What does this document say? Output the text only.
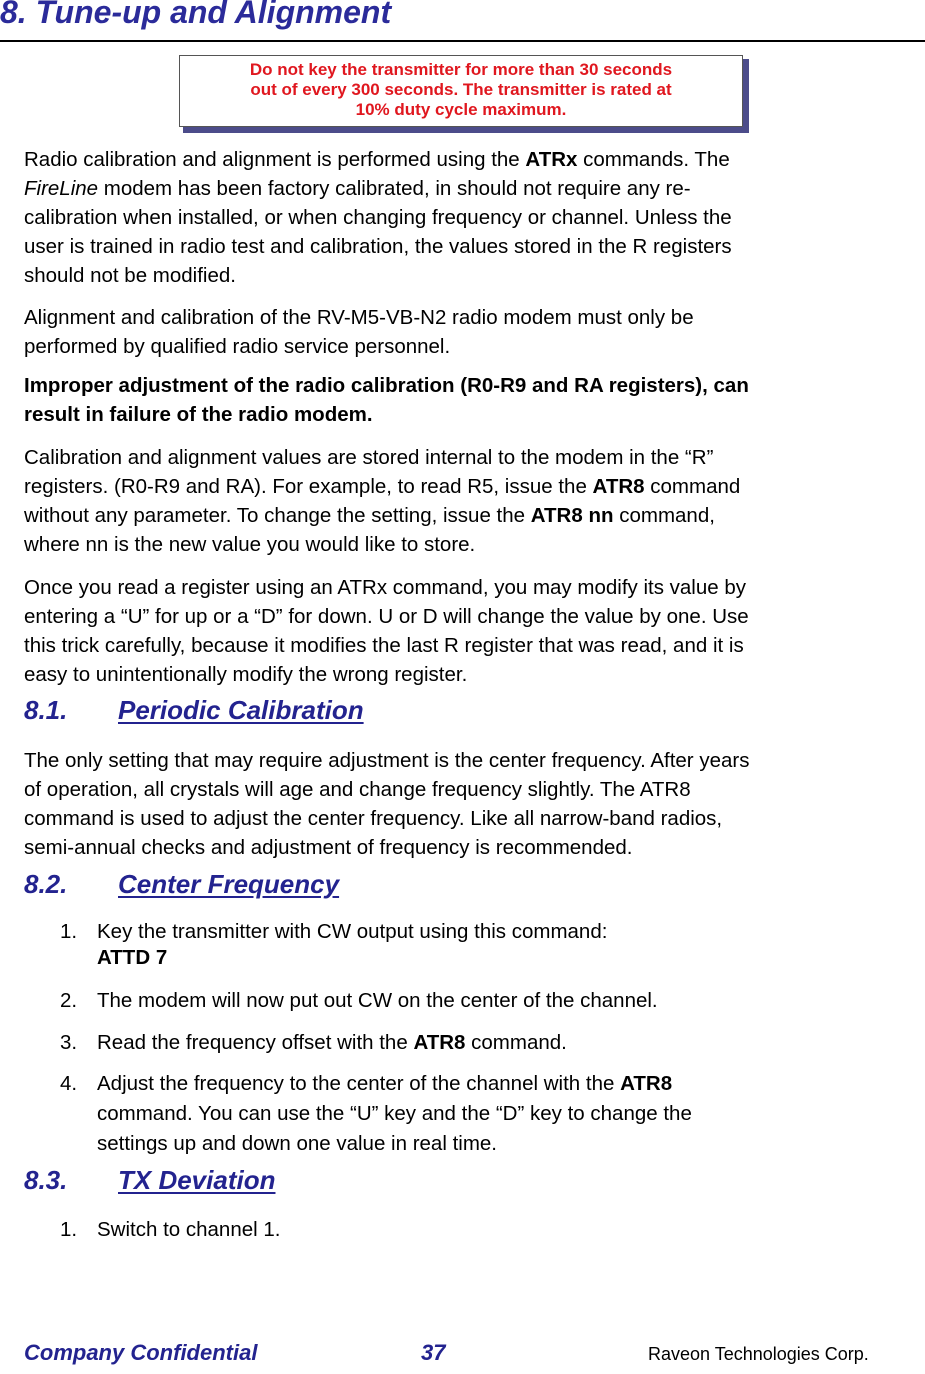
8. Tune-up and Alignment
Do not key the transmitter for more than 30 seconds
out of every 300 seconds. The transmitter is rated at
10% duty cycle maximum.

Radio calibration and alignment is performed using the ATRx commands. The
FireLine modem has been factory calibrated, in should not require any re-
calibration when installed, or when changing frequency or channel. Unless the
user is trained in radio test and calibration, the values stored in the R registers
should not be modified.

Alignment and calibration of the RV-M5-VB-N2 radio modem must only be
performed by qualified radio service personnel.

Improper adjustment of the radio calibration (R0-R9 and RA registers), can
result in failure of the radio modem.

Calibration and alignment values are stored internal to the modem in the “R”
registers. (R0-R9 and RA). For example, to read R5, issue the ATR8 command
without any parameter. To change the setting, issue the ATR8 nn command,
where nn is the new value you would like to store.

Once you read a register using an ATRx command, you may modify its value by
entering a “U” for up or a “D” for down. U or D will change the value by one. Use
this trick carefully, because it modifies the last R register that was read, and it is
easy to unintentionally modify the wrong register.

8.1. Periodic Calibration

The only setting that may require adjustment is the center frequency. After years
of operation, all crystals will age and change frequency slightly. The ATR8
command is used to adjust the center frequency. Like all narrow-band radios,
semi-annual checks and adjustment of frequency is recommended.

8.2. Center Frequency
1. Key the transmitter with CW output using this command:
ATTD 7
2. The modem will now put out CW on the center of the channel.
3. Read the frequency offset with the ATR8 command.
4. Adjust the frequency to the center of the channel with the ATR8
command. You can use the “U” key and the “D” key to change the
settings up and down one value in real time.
8.3. TX Deviation
1. Switch to channel 1.
Company Confidential	37	Raveon Technologies Corp.
